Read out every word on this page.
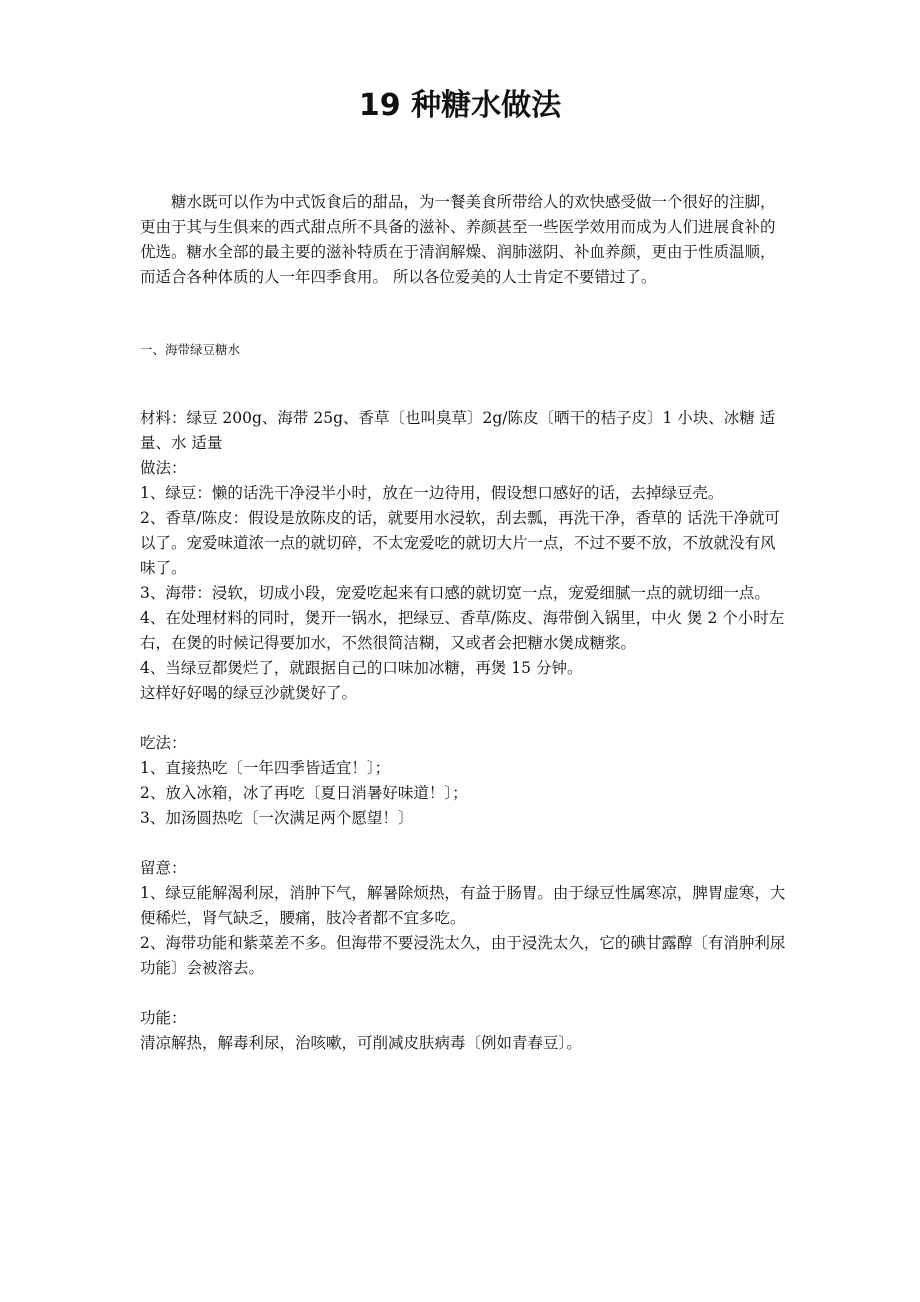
19 种糖水做法

糖水既可以作为中式饭食后的甜品，为一餐美食所带给人的欢快感受做一个很好的注脚，更由于其与生俱来的西式甜点所不具备的滋补、养颜甚至一些医学效用而成为人们进展食补的优选。糖水全部的最主要的滋补特质在于清润解燥、润肺滋阴、补血养颜，更由于性质温顺，而适合各种体质的人一年四季食用。 所以各位爱美的人士肯定不要错过了。

一、海带绿豆糖水

材料：绿豆 200g、海带 25g、香草〔也叫臭草〕2g/陈皮〔晒干的桔子皮〕1 小块、冰糖 适量、水 适量

做法：

1、绿豆：懒的话洗干净浸半小时，放在一边待用，假设想口感好的话，去掉绿豆壳。

2、香草/陈皮：假设是放陈皮的话，就要用水浸软，刮去瓢，再洗干净，香草的 话洗干净就可以了。宠爱味道浓一点的就切碎，不太宠爱吃的就切大片一点，不过不要不放，不放就没有风味了。

3、海带：浸软，切成小段，宠爱吃起来有口感的就切宽一点，宠爱细腻一点的就切细一点。

4、在处理材料的同时，煲开一锅水，把绿豆、香草/陈皮、海带倒入锅里，中火 煲 2 个小时左右，在煲的时候记得要加水，不然很简洁糊，又或者会把糖水煲成糖浆。

4、当绿豆都煲烂了，就跟据自己的口味加冰糖，再煲 15 分钟。

这样好好喝的绿豆沙就煲好了。

吃法：

1、直接热吃〔一年四季皆适宜！〕；

2、放入冰箱，冰了再吃〔夏日消暑好味道！〕；

3、加汤圆热吃〔一次满足两个愿望！〕

留意：

1、绿豆能解渴利尿，消肿下气，解暑除烦热，有益于肠胃。由于绿豆性属寒凉，脾胃虚寒，大便稀烂，肾气缺乏，腰痛，肢冷者都不宜多吃。

2、海带功能和紫菜差不多。但海带不要浸洗太久，由于浸洗太久，它的碘甘露醇〔有消肿利尿功能〕会被溶去。

功能：

清凉解热，解毒利尿，治咳嗽，可削减皮肤病毒〔例如青春豆〕。
